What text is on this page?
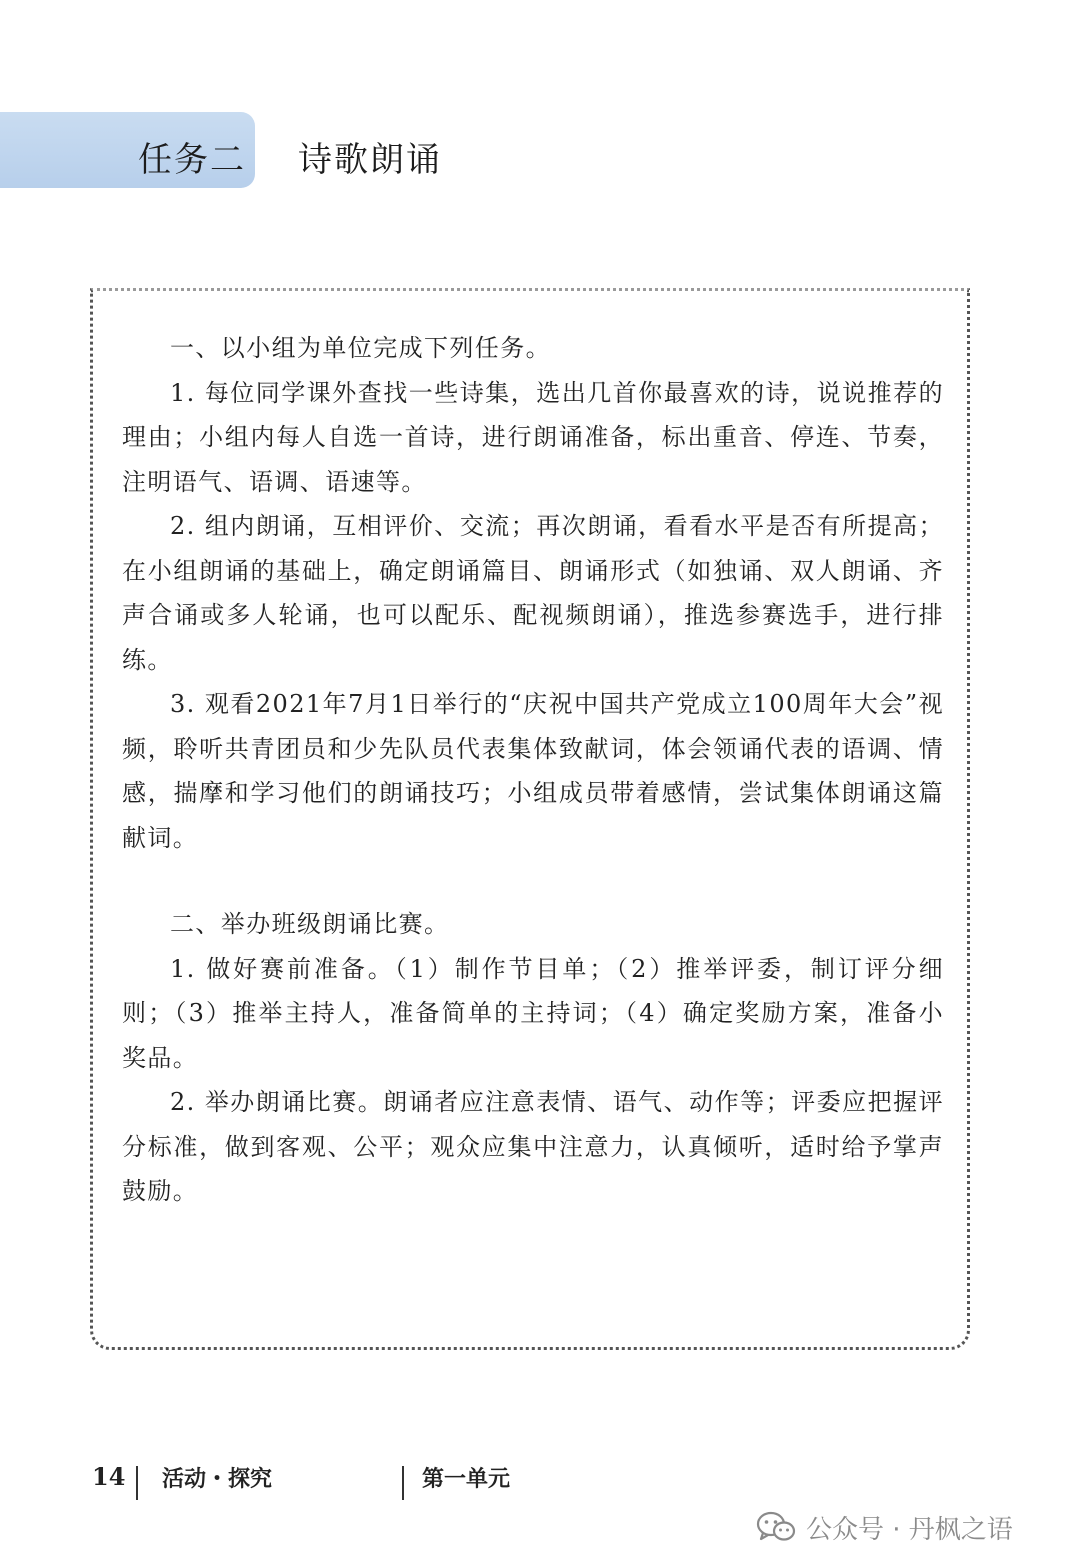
任务二 诗歌朗诵

一、以小组为单位完成下列任务。

1. 每位同学课外查找一些诗集，选出几首你最喜欢的诗，说说推荐的理由；小组内每人自选一首诗，进行朗诵准备，标出重音、停连、节奏，注明语气、语调、语速等。

2. 组内朗诵，互相评价、交流；再次朗诵，看看水平是否有所提高；在小组朗诵的基础上，确定朗诵篇目、朗诵形式（如独诵、双人朗诵、齐声合诵或多人轮诵，也可以配乐、配视频朗诵），推选参赛选手，进行排练。

3. 观看2021年7月1日举行的“庆祝中国共产党成立100周年大会”视频，聆听共青团员和少先队员代表集体致献词，体会领诵代表的语调、情感，揣摩和学习他们的朗诵技巧；小组成员带着感情，尝试集体朗诵这篇献词。

二、举办班级朗诵比赛。

1. 做好赛前准备。（1）制作节目单；（2）推举评委，制订评分细则；（3）推举主持人，准备简单的主持词；（4）确定奖励方案，准备小奖品。

2. 举办朗诵比赛。朗诵者应注意表情、语气、动作等；评委应把握评分标准，做到客观、公平；观众应集中注意力，认真倾听，适时给予掌声鼓励。

14 活动・探究	第一单元
公众号 · 丹枫之语
